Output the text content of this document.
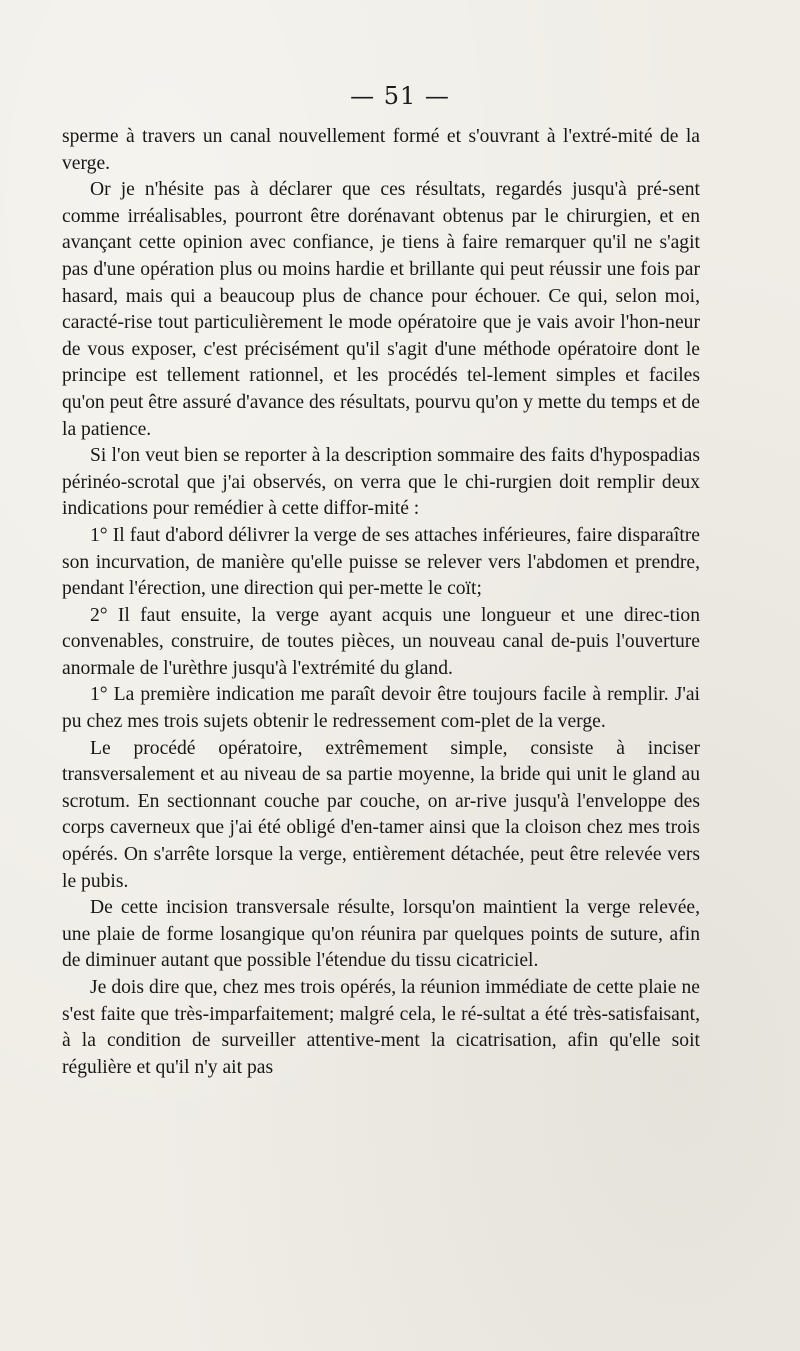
— 51 —

sperme à travers un canal nouvellement formé et s'ouvrant à l'extré-mité de la verge.

Or je n'hésite pas à déclarer que ces résultats, regardés jusqu'à pré-sent comme irréalisables, pourront être dorénavant obtenus par le chirurgien, et en avançant cette opinion avec confiance, je tiens à faire remarquer qu'il ne s'agit pas d'une opération plus ou moins hardie et brillante qui peut réussir une fois par hasard, mais qui a beaucoup plus de chance pour échouer. Ce qui, selon moi, caracté-rise tout particulièrement le mode opératoire que je vais avoir l'hon-neur de vous exposer, c'est précisément qu'il s'agit d'une méthode opératoire dont le principe est tellement rationnel, et les procédés tel-lement simples et faciles qu'on peut être assuré d'avance des résultats, pourvu qu'on y mette du temps et de la patience.

Si l'on veut bien se reporter à la description sommaire des faits d'hypospadias périnéo-scrotal que j'ai observés, on verra que le chi-rurgien doit remplir deux indications pour remédier à cette diffor-mité :

1° Il faut d'abord délivrer la verge de ses attaches inférieures, faire disparaître son incurvation, de manière qu'elle puisse se relever vers l'abdomen et prendre, pendant l'érection, une direction qui per-mette le coït;

2° Il faut ensuite, la verge ayant acquis une longueur et une direc-tion convenables, construire, de toutes pièces, un nouveau canal de-puis l'ouverture anormale de l'urèthre jusqu'à l'extrémité du gland.

1° La première indication me paraît devoir être toujours facile à remplir. J'ai pu chez mes trois sujets obtenir le redressement com-plet de la verge.

Le procédé opératoire, extrêmement simple, consiste à inciser transversalement et au niveau de sa partie moyenne, la bride qui unit le gland au scrotum. En sectionnant couche par couche, on ar-rive jusqu'à l'enveloppe des corps caverneux que j'ai été obligé d'en-tamer ainsi que la cloison chez mes trois opérés. On s'arrête lorsque la verge, entièrement détachée, peut être relevée vers le pubis.

De cette incision transversale résulte, lorsqu'on maintient la verge relevée, une plaie de forme losangique qu'on réunira par quelques points de suture, afin de diminuer autant que possible l'étendue du tissu cicatriciel.

Je dois dire que, chez mes trois opérés, la réunion immédiate de cette plaie ne s'est faite que très-imparfaitement; malgré cela, le ré-sultat a été très-satisfaisant, à la condition de surveiller attentive-ment la cicatrisation, afin qu'elle soit régulière et qu'il n'y ait pas
